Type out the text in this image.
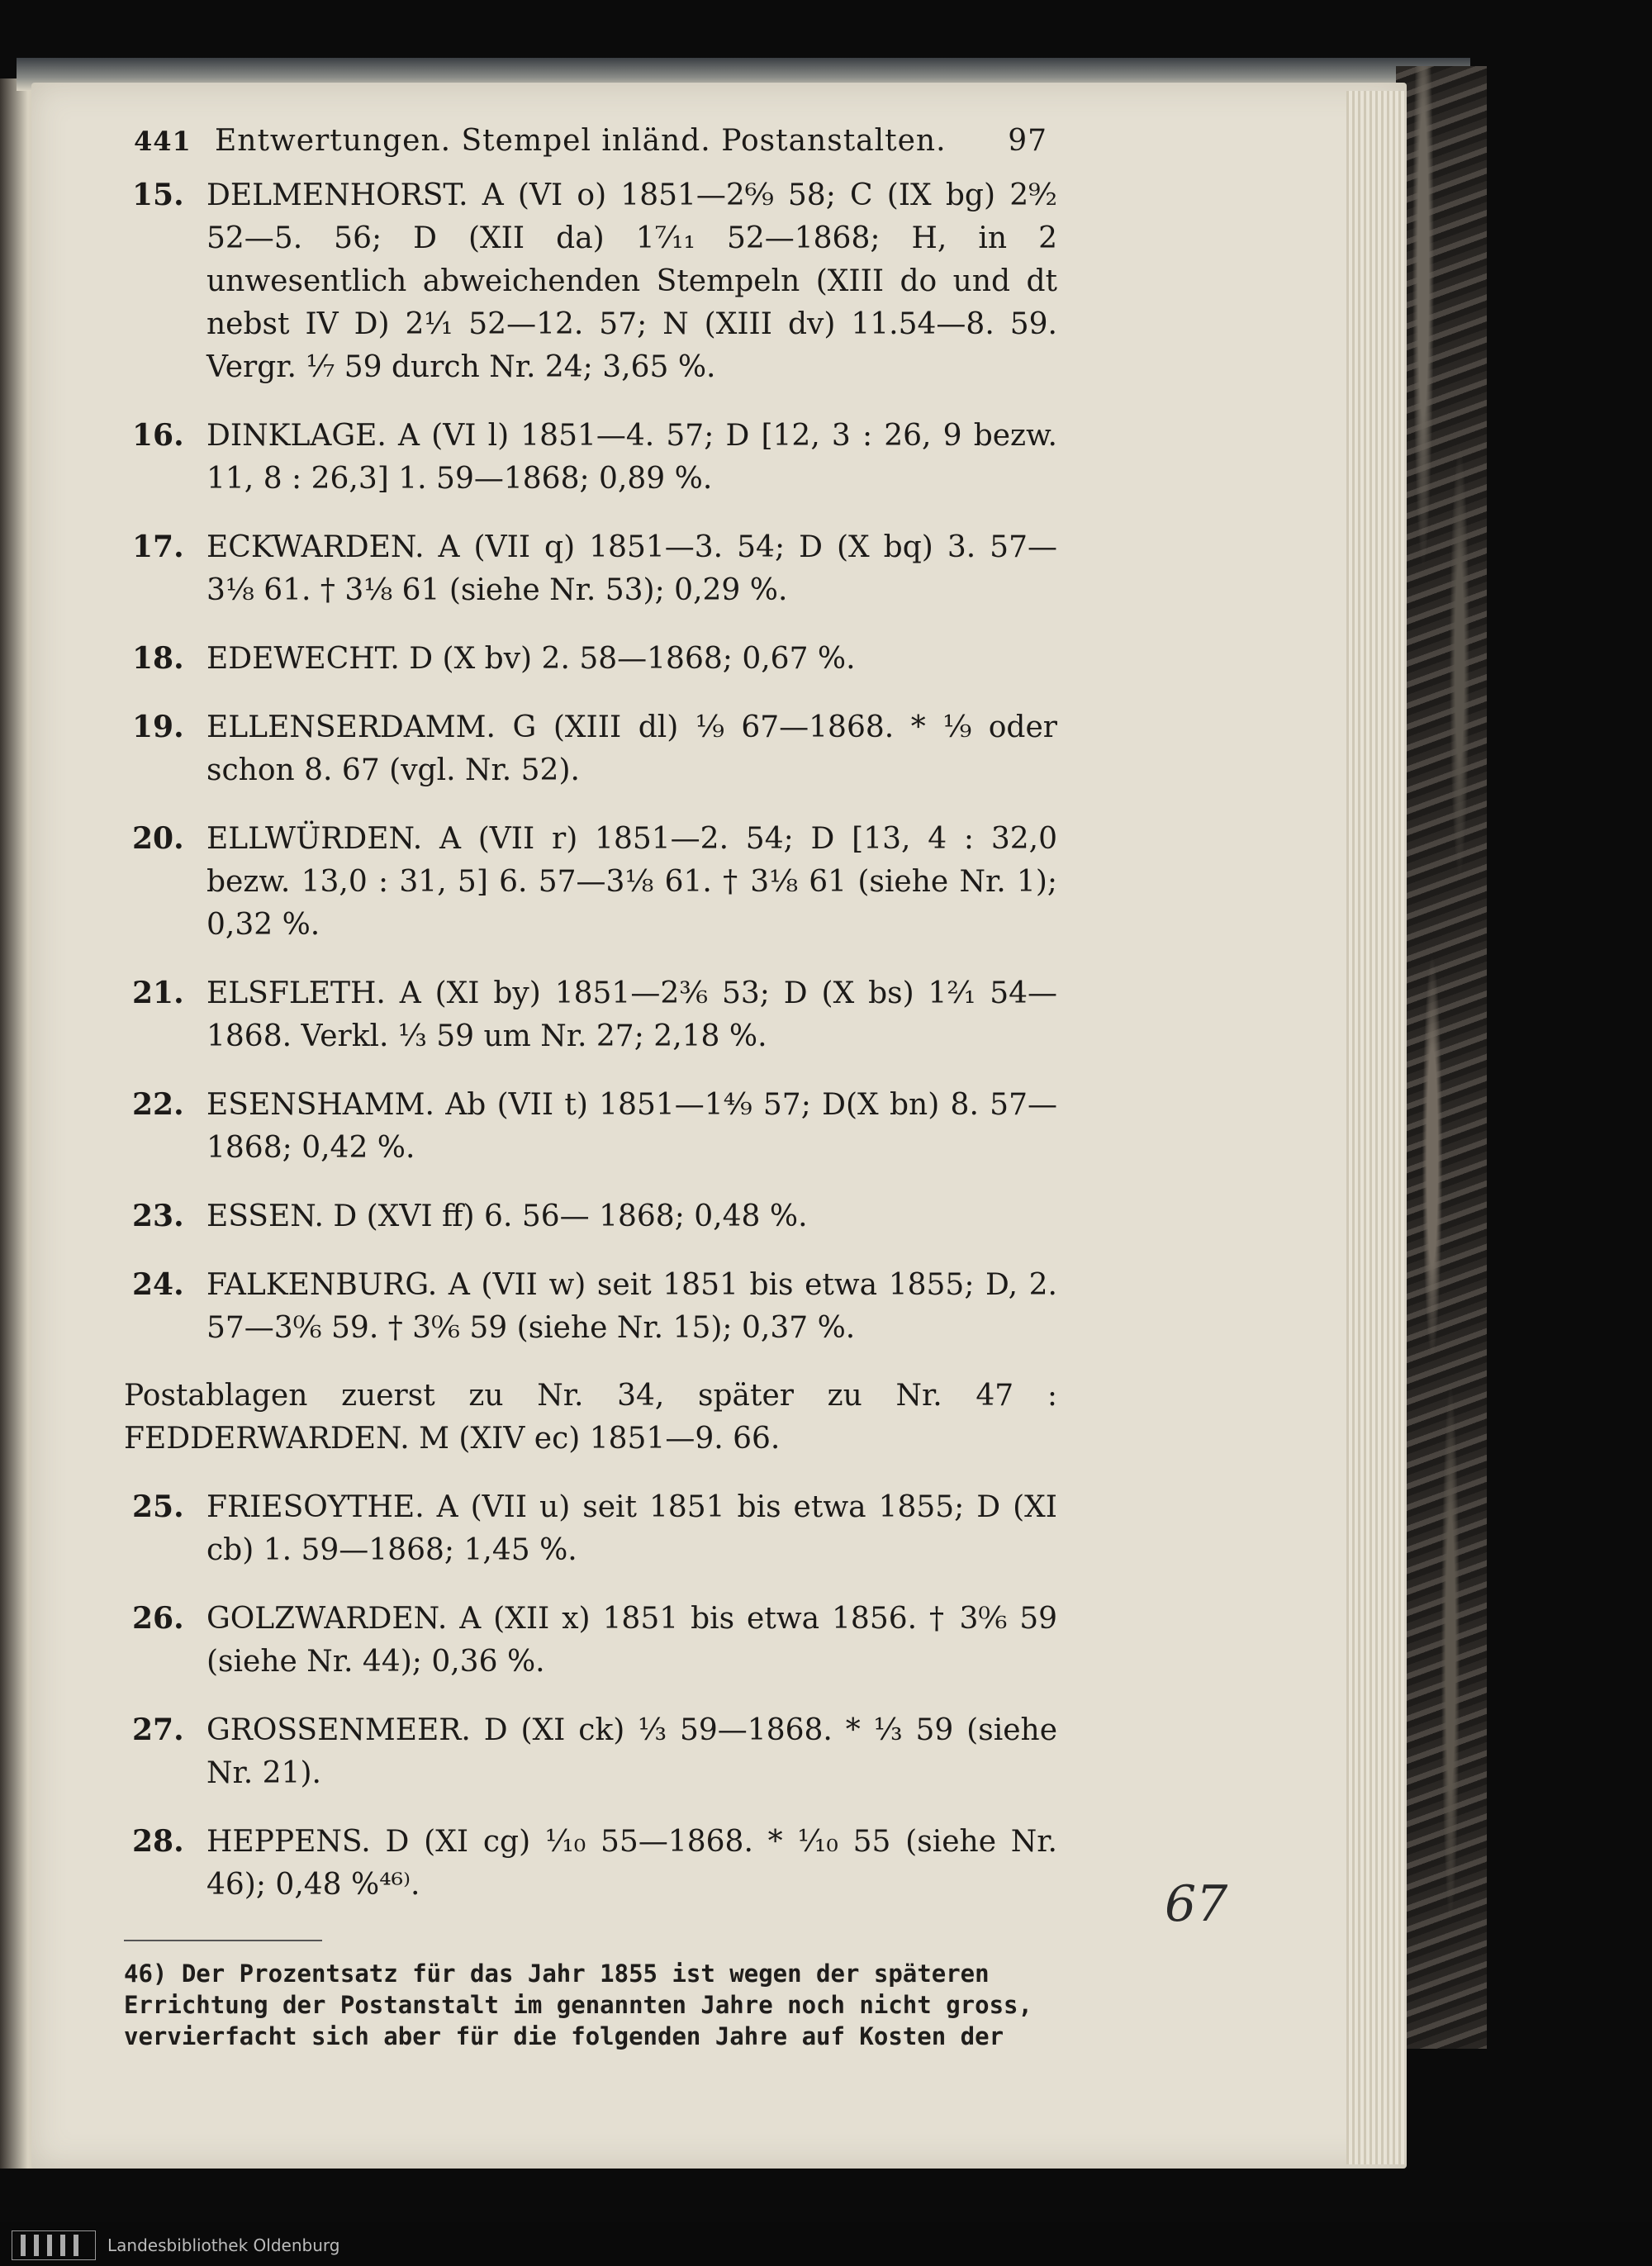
441 Entwertungen. Stempel inländ. Postanstalten. 97
15. DELMENHORST. A (VI o) 1851—2⁶⁄₉ 58; C (IX bg) 2⁹⁄₂ 52—5. 56; D (XII da) 1⁷⁄₁₁ 52—1868; H, in 2 unwesentlich abweichenden Stempeln (XIII do und dt nebst IV D) 2¹⁄₁ 52—12. 57; N (XIII dv) 11.54—8. 59. Vergr. ⅟₇ 59 durch Nr. 24; 3,65 %.
16. DINKLAGE. A (VI l) 1851—4. 57; D [12, 3 : 26, 9 bezw. 11, 8 : 26,3] 1. 59—1868; 0,89 %.
17. ECKWARDEN. A (VII q) 1851—3. 54; D (X bq) 3. 57—3¹⁄₈ 61. † 3¹⁄₈ 61 (siehe Nr. 53); 0,29 %.
18. EDEWECHT. D (X bv) 2. 58—1868; 0,67 %.
19. ELLENSERDAMM. G (XIII dl) ⅟₉ 67—1868. * ⅟₉ oder schon 8. 67 (vgl. Nr. 52).
20. ELLWÜRDEN. A (VII r) 1851—2. 54; D [13, 4 : 32,0 bezw. 13,0 : 31, 5] 6. 57—3¹⁄₈ 61. † 3¹⁄₈ 61 (siehe Nr. 1); 0,32 %.
21. ELSFLETH. A (XI by) 1851—2³⁄₆ 53; D (X bs) 1²⁄₁ 54—1868. Verkl. ⅟₃ 59 um Nr. 27; 2,18 %.
22. ESENSHAMM. Ab (VII t) 1851—1⁴⁄₉ 57; D(X bn) 8. 57—1868; 0,42 %.
23. ESSEN. D (XVI ff) 6. 56— 1868; 0,48 %.
24. FALKENBURG. A (VII w) seit 1851 bis etwa 1855; D, 2. 57—3⁰⁄₆ 59. † 3⁰⁄₆ 59 (siehe Nr. 15); 0,37 %.
Postablagen zuerst zu Nr. 34, später zu Nr. 47 : FEDDERWARDEN. M (XIV ec) 1851—9. 66.
25. FRIESOYTHE. A (VII u) seit 1851 bis etwa 1855; D (XI cb) 1. 59—1868; 1,45 %.
26. GOLZWARDEN. A (XII x) 1851 bis etwa 1856. † 3⁰⁄₆ 59 (siehe Nr. 44); 0,36 %.
27. GROSSENMEER. D (XI ck) ⅟₃ 59—1868. * ⅟₃ 59 (siehe Nr. 21).
28. HEPPENS. D (XI cg) ⅟₁₀ 55—1868. * ⅟₁₀ 55 (siehe Nr. 46); 0,48 %⁴⁶⁾.
46) Der Prozentsatz für das Jahr 1855 ist wegen der späteren Errichtung der Postanstalt im genannten Jahre noch nicht gross, vervierfacht sich aber für die folgenden Jahre auf Kosten der
67
Landesbibliothek Oldenburg
